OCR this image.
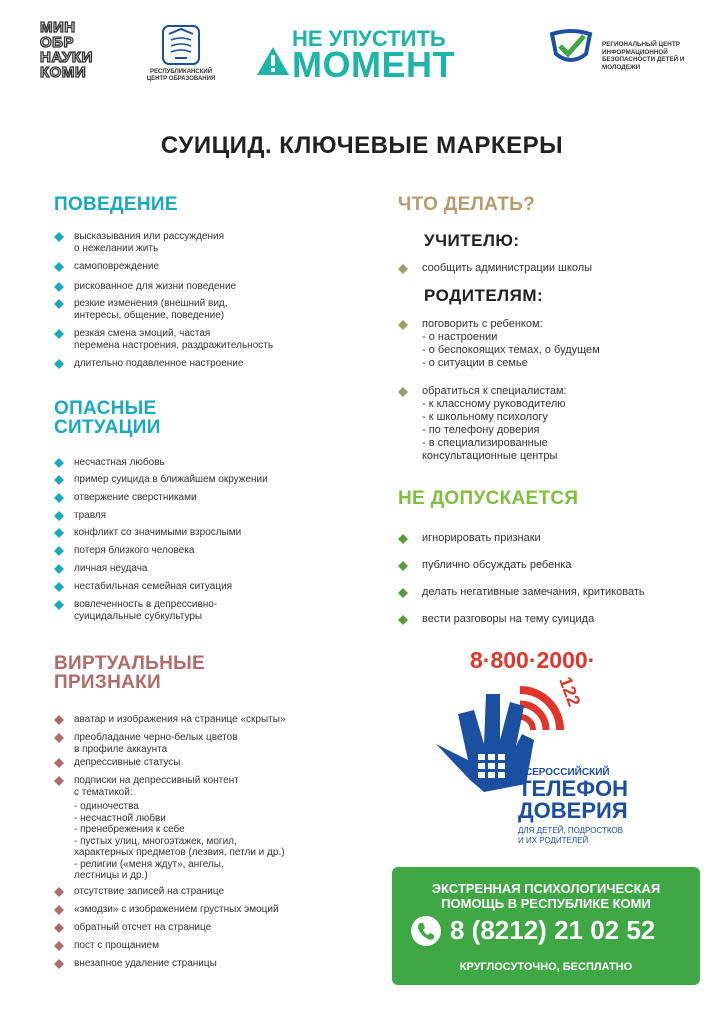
МИН
ОБР
НАУКИ
КОМИ	РЕСПУБЛИКАНСКИЙ ЦЕНТР ОБРАЗОВАНИЯ
НЕ УПУСТИТЬ
МОМЕНТ	РЕГИОНАЛЬНЫЙ ЦЕНТР ИНФОРМАЦИОННОЙ БЕЗОПАСНОСТИ ДЕТЕЙ И МОЛОДЕЖИ
СУИЦИД. КЛЮЧЕВЫЕ МАРКЕРЫ
ПОВЕДЕНИЕ
высказывания или рассуждения
о нежелании жить
самоповреждение
рискованное для жизни поведение
резкие изменения (внешний вид,
интересы, общение, поведение)
резкая смена эмоций, частая
перемена настроения, раздражительность
длительно подавленное настроение
ОПАСНЫЕ
СИТУАЦИИ
несчастная любовь
пример суицида в ближайшем окружении
отвержение сверстниками
травля
конфликт со значимыми взрослыми
потеря близкого человека
личная неудача
нестабильная семейная ситуация
вовлеченность в депрессивно-
суицидальные субкультуры
ВИРТУАЛЬНЫЕ
ПРИЗНАКИ
аватар и изображения на странице «скрыты»
преобладание черно-белых цветов
в профиле аккаунта
депрессивные статусы
подписки на депрессивный контент
с тематикой:
- одиночества
- несчастной любви
- пренебрежения к себе
- пустых улиц, многоэтажек, могил,
характерных предметов (лезвия, петли и др.)
- религии («меня ждут», ангелы,
лестницы и др.)
отсутствие записей на странице
«эмодзи» с изображением грустных эмоций
обратный отсчет на странице
пост с прощанием
внезапное удаление страницы
ЧТО ДЕЛАТЬ?
УЧИТЕЛЮ:
сообщить администрации школы
РОДИТЕЛЯМ:
поговорить с ребенком:
- о настроении
- о беспокоящих темах, о будущем
- о ситуации в семье
обратиться к специалистам:
- к классному руководителю
- к школьному психологу
- по телефону доверия
- в специализированные
консультационные центры
НЕ ДОПУСКАЕТСЯ
игнорировать признаки
публично обсуждать ребенка
делать негативные замечания, критиковать
вести разговоры на тему суицида
8·800·2000·
122
ВСЕРОССИЙСКИЙ
ТЕЛЕФОН
ДОВЕРИЯ
ДЛЯ ДЕТЕЙ, ПОДРОСТКОВ
И ИХ РОДИТЕЛЕЙ
ЭКСТРЕННАЯ ПСИХОЛОГИЧЕСКАЯ
ПОМОЩЬ В РЕСПУБЛИКЕ КОМИ
8 (8212) 21 02 52
КРУГЛОСУТОЧНО, БЕСПЛАТНО
